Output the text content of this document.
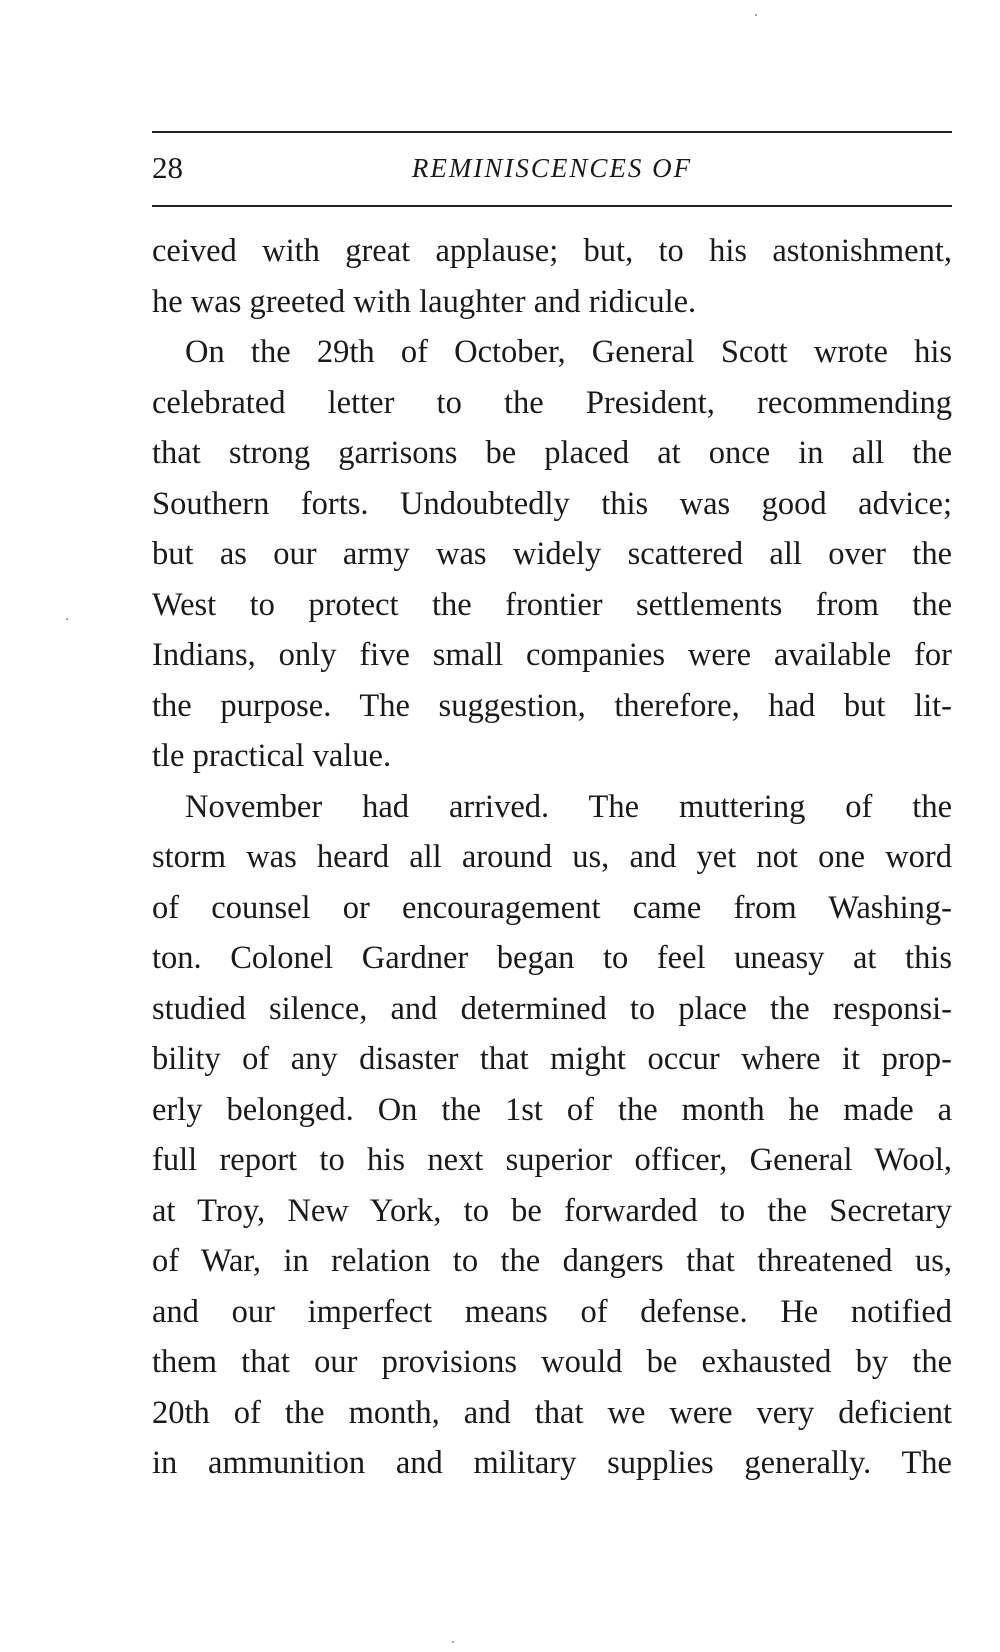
28	REMINISCENCES OF
ceived with great applause; but, to his astonishment,
he was greeted with laughter and ridicule.
On the 29th of October, General Scott wrote his
celebrated letter to the President, recommending
that strong garrisons be placed at once in all the
Southern forts. Undoubtedly this was good advice;
but as our army was widely scattered all over the
West to protect the frontier settlements from the
Indians, only five small companies were available for
the purpose. The suggestion, therefore, had but lit-
tle practical value.
November had arrived. The muttering of the
storm was heard all around us, and yet not one word
of counsel or encouragement came from Washing-
ton. Colonel Gardner began to feel uneasy at this
studied silence, and determined to place the responsi-
bility of any disaster that might occur where it prop-
erly belonged. On the 1st of the month he made a
full report to his next superior officer, General Wool,
at Troy, New York, to be forwarded to the Secretary
of War, in relation to the dangers that threatened us,
and our imperfect means of defense. He notified
them that our provisions would be exhausted by the
20th of the month, and that we were very deficient
in ammunition and military supplies generally. The
